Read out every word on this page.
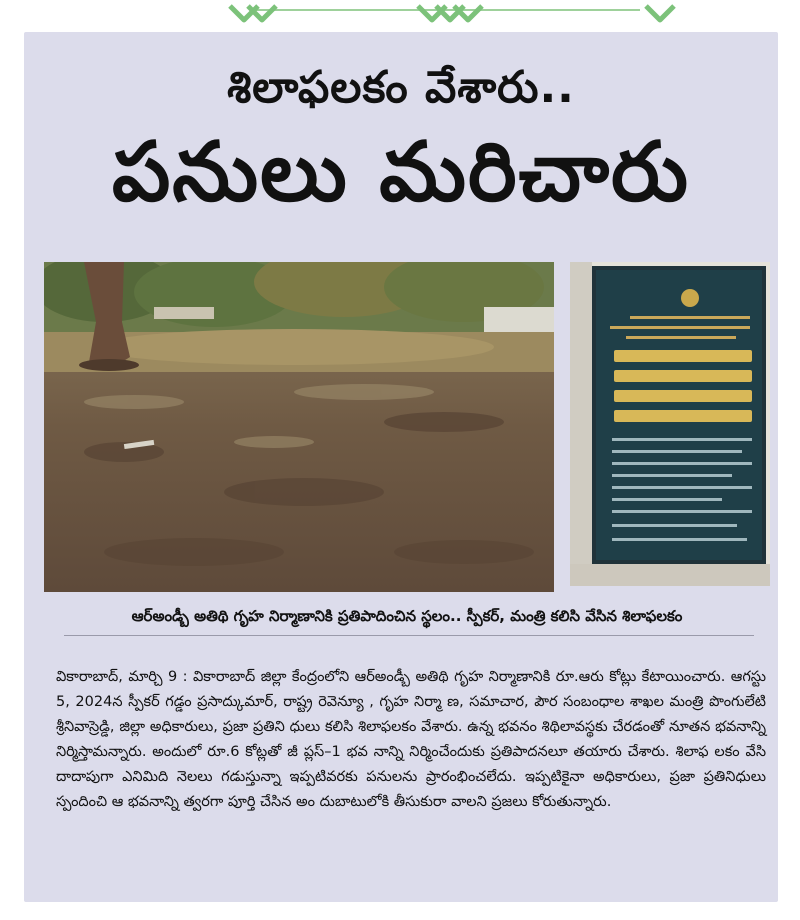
శిలాఫలకం వేశారు..
పనులు మరిచారు
ఆర్అండ్బీ అతిథి గృహ నిర్మాణానికి ప్రతిపాదించిన స్థలం.. స్పీకర్, మంత్రి కలిసి వేసిన శిలాఫలకం
వికారాబాద్, మార్చి 9 : వికారాబాద్ జిల్లా కేంద్రంలోని ఆర్అండ్బీ అతిథి గృహ నిర్మాణానికి రూ.ఆరు కోట్లు కేటాయించారు. ఆగస్టు 5, 2024న స్పీకర్ గడ్డం ప్రసాద్కుమార్, రాష్ట్ర రెవెన్యూ , గృహ నిర్మా ణ, సమాచార, పౌర సంబంధాల శాఖల మంత్రి పొంగులేటి శ్రీనివాస్రెడ్డి, జిల్లా అధికారులు, ప్రజా ప్రతిని ధులు కలిసి శిలాఫలకం వేశారు. ఉన్న భవనం శిథిలావస్థకు చేరడంతో నూతన భవనాన్ని నిర్మిస్తామన్నారు. అందులో రూ.6 కోట్లతో జీ ప్లస్–1 భవ నాన్ని నిర్మించేందుకు ప్రతిపాదనలూ తయారు చేశారు. శిలాఫ లకం వేసి దాదాపుగా ఎనిమిది నెలలు గడుస్తున్నా ఇప్పటివరకు పనులను ప్రారంభించలేదు. ఇప్పటికైనా అధికారులు, ప్రజా ప్రతినిధులు స్పందించి ఆ భవనాన్ని త్వరగా పూర్తి చేసిన అం దుబాటులోకి తీసుకురా వాలని ప్రజలు కోరుతున్నారు.
